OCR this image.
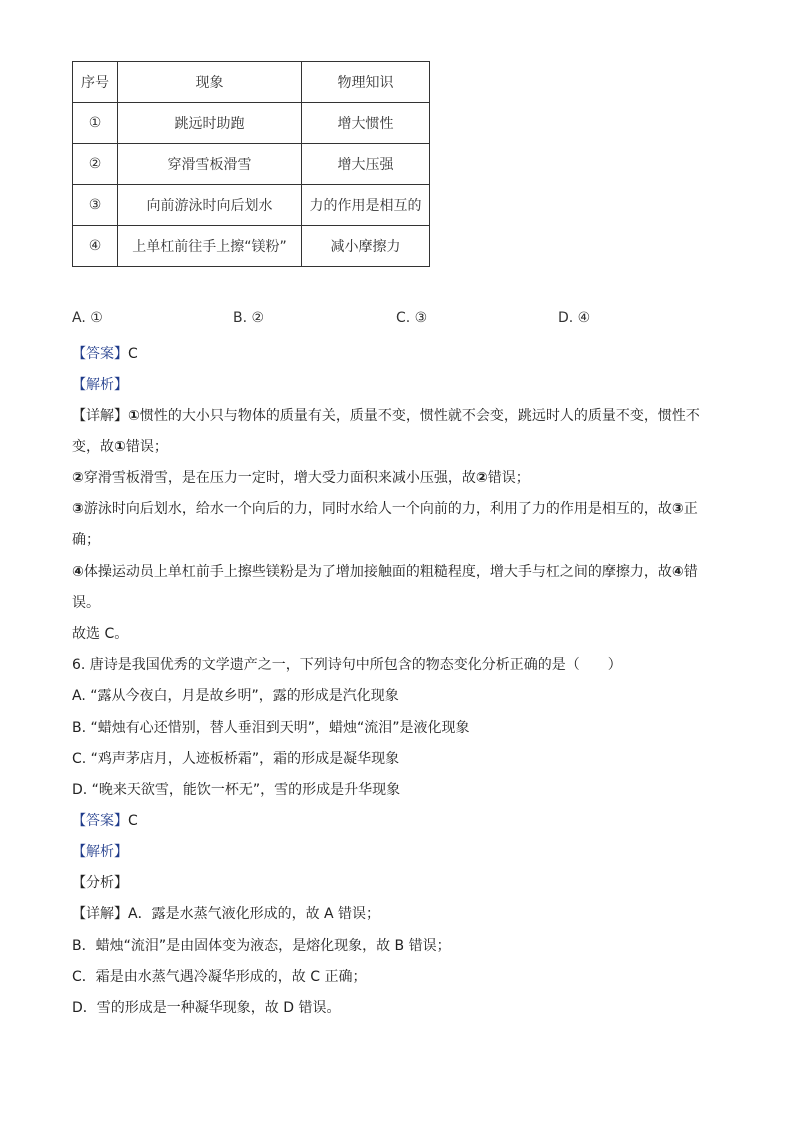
序号	现象	物理知识
①	跳远时助跑	增大惯性
②	穿滑雪板滑雪	增大压强
③	向前游泳时向后划水	力的作用是相互的
④	上单杠前往手上擦“镁粉”	减小摩擦力
A. ①	B. ②	C. ③	D. ④
【答案】C
【解析】
【详解】①惯性的大小只与物体的质量有关，质量不变，惯性就不会变，跳远时人的质量不变，惯性不
变，故①错误；
②穿滑雪板滑雪，是在压力一定时，增大受力面积来减小压强，故②错误；
③游泳时向后划水，给水一个向后的力，同时水给人一个向前的力，利用了力的作用是相互的，故③正
确；
④体操运动员上单杠前手上擦些镁粉是为了增加接触面的粗糙程度，增大手与杠之间的摩擦力，故④错
误。
故选 C。
6. 唐诗是我国优秀的文学遗产之一，下列诗句中所包含的物态变化分析正确的是（　　）
A. “露从今夜白，月是故乡明”，露的形成是汽化现象
B. “蜡烛有心还惜别，替人垂泪到天明”，蜡烛“流泪”是液化现象
C. “鸡声茅店月，人迹板桥霜”，霜的形成是凝华现象
D. “晚来天欲雪，能饮一杯无”，雪的形成是升华现象
【答案】C
【解析】
【分析】
【详解】A．露是水蒸气液化形成的，故 A 错误；
B．蜡烛“流泪”是由固体变为液态，是熔化现象，故 B 错误；
C．霜是由水蒸气遇冷凝华形成的，故 C 正确；
D．雪的形成是一种凝华现象，故 D 错误。
